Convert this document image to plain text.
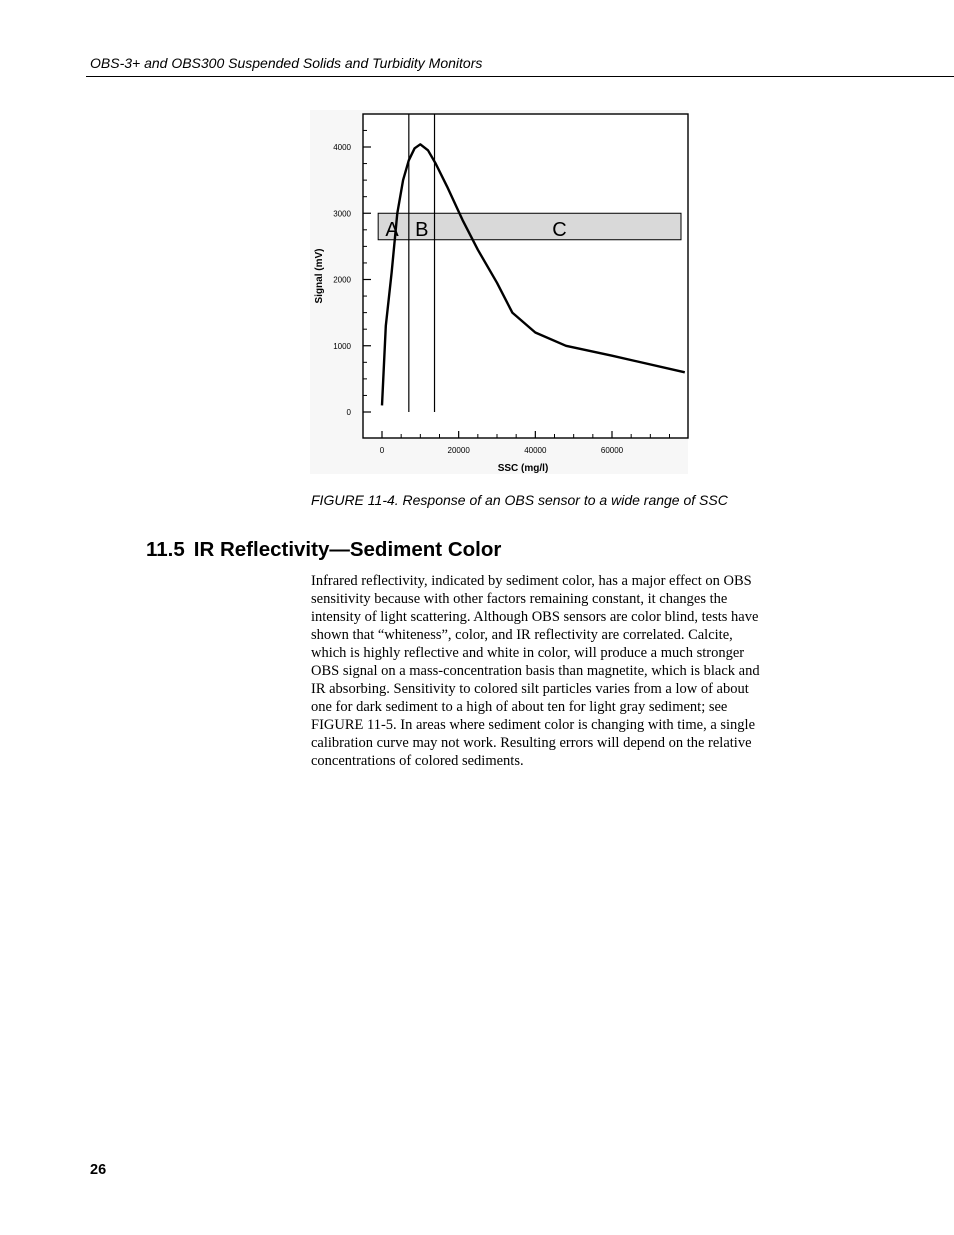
OBS-3+ and OBS300 Suspended Solids and Turbidity Monitors
0
1000
2000
3000
4000
0	20000	40000	60000
A B	C
SSC (mg/l)
Signal (mV)
FIGURE 11-4. Response of an OBS sensor to a wide range of SSC
11.5 IR Reflectivity—Sediment Color
Infrared reflectivity, indicated by sediment color, has a major effect on OBS
sensitivity because with other factors remaining constant, it changes the
intensity of light scattering. Although OBS sensors are color blind, tests have
shown that “whiteness”, color, and IR reflectivity are correlated. Calcite,
which is highly reflective and white in color, will produce a much stronger
OBS signal on a mass-concentration basis than magnetite, which is black and
IR absorbing. Sensitivity to colored silt particles varies from a low of about
one for dark sediment to a high of about ten for light gray sediment; see
FIGURE 11-5. In areas where sediment color is changing with time, a single
calibration curve may not work. Resulting errors will depend on the relative
concentrations of colored sediments.
26
